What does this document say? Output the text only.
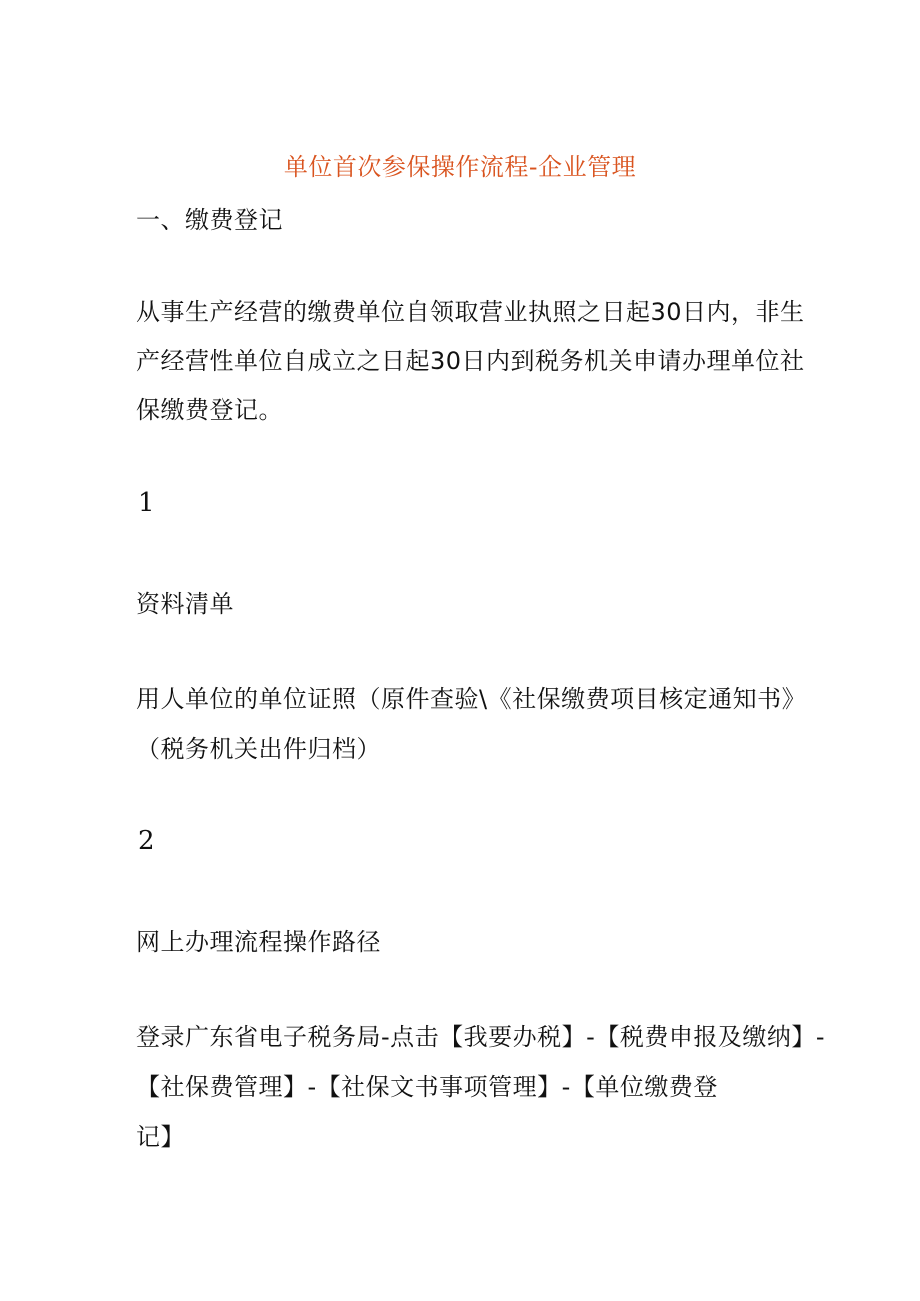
单位首次参保操作流程-企业管理
一、缴费登记
从事生产经营的缴费单位自领取营业执照之日起30日内，非生
产经营性单位自成立之日起30日内到税务机关申请办理单位社
保缴费登记。
1
资料清单
用人单位的单位证照（原件查验\《社保缴费项目核定通知书》
（税务机关出件归档）
2
网上办理流程操作路径
登录广东省电子税务局-点击【我要办税】-【税费申报及缴纳】-
【社保费管理】-【社保文书事项管理】-【单位缴费登
记】
